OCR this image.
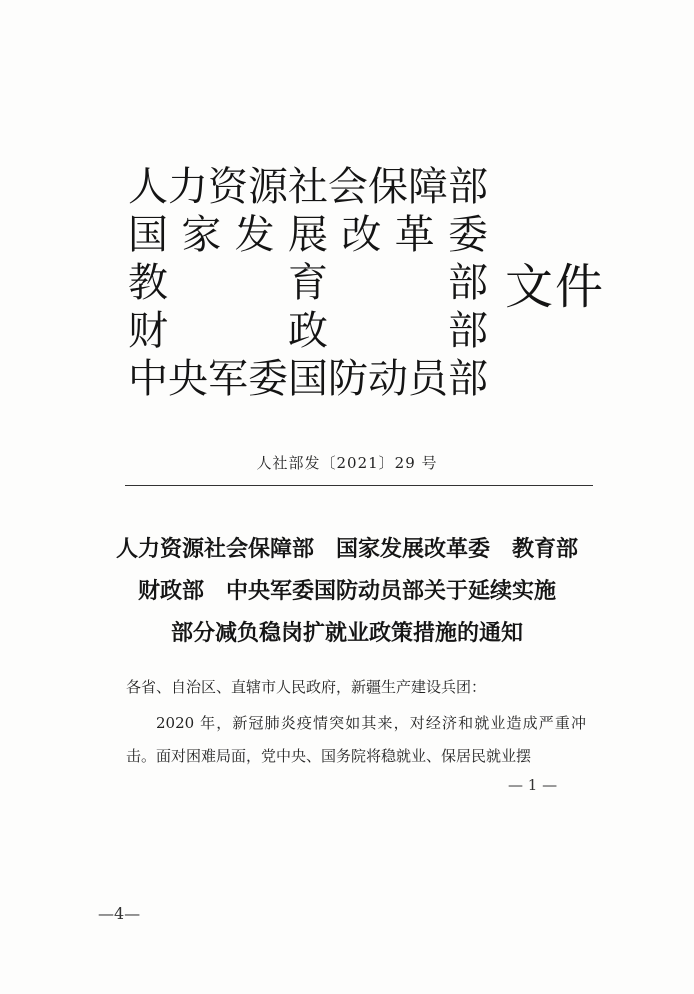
人 力 资 源 社 会 保 障 部
国 家 发 展 改 革 委
教	育	部
财	政	部
中 央 军 委 国 防 动 员 部
文件
人社部发〔2021〕29 号
人力资源社会保障部　国家发展改革委　教育部
财政部　中央军委国防动员部关于延续实施
部分减负稳岗扩就业政策措施的通知
各省、自治区、直辖市人民政府，新疆生产建设兵团：
2020 年，新冠肺炎疫情突如其来，对经济和就业造成严重冲击。面对困难局面，党中央、国务院将稳就业、保居民就业摆
— 1 —
—4—
